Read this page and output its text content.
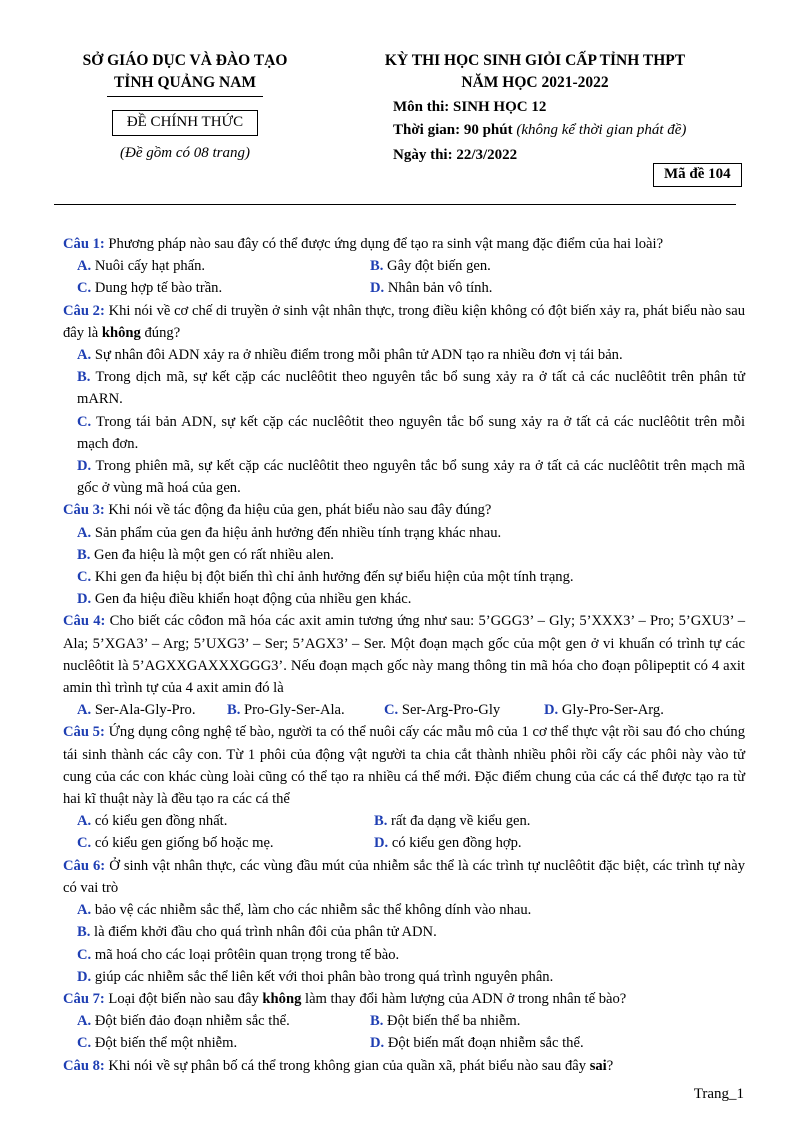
SỞ GIÁO DỤC VÀ ĐÀO TẠO
TỈNH QUẢNG NAM
ĐỀ CHÍNH THỨC
(Đề gồm có 08 trang)
KỲ THI HỌC SINH GIỎI CẤP TỈNH THPT
NĂM HỌC 2021-2022
Môn thi: SINH HỌC 12
Thời gian: 90 phút (không kể thời gian phát đề)
Ngày thi: 22/3/2022
Mã đề 104
Câu 1: Phương pháp nào sau đây có thể được ứng dụng để tạo ra sinh vật mang đặc điểm của hai loài?
A. Nuôi cấy hạt phấn.	B. Gây đột biến gen.
C. Dung hợp tế bào trần.	D. Nhân bản vô tính.
Câu 2: Khi nói về cơ chế di truyền ở sinh vật nhân thực, trong điều kiện không có đột biến xảy ra, phát biểu nào sau đây là không đúng?
A. Sự nhân đôi ADN xảy ra ở nhiều điểm trong mỗi phân tử ADN tạo ra nhiều đơn vị tái bản.
B. Trong dịch mã, sự kết cặp các nuclêôtit theo nguyên tắc bổ sung xảy ra ở tất cả các nuclêôtit trên phân tử mARN.
C. Trong tái bản ADN, sự kết cặp các nuclêôtit theo nguyên tắc bổ sung xảy ra ở tất cả các nuclêôtit trên mỗi mạch đơn.
D. Trong phiên mã, sự kết cặp các nuclêôtit theo nguyên tắc bổ sung xảy ra ở tất cả các nuclêôtit trên mạch mã gốc ở vùng mã hoá của gen.
Câu 3: Khi nói về tác động đa hiệu của gen, phát biểu nào sau đây đúng?
A. Sản phẩm của gen đa hiệu ảnh hưởng đến nhiều tính trạng khác nhau.
B. Gen đa hiệu là một gen có rất nhiều alen.
C. Khi gen đa hiệu bị đột biến thì chỉ ảnh hưởng đến sự biểu hiện của một tính trạng.
D. Gen đa hiệu điều khiển hoạt động của nhiều gen khác.
Câu 4: Cho biết các côđon mã hóa các axit amin tương ứng như sau: 5’GGG3’ – Gly; 5’XXX3’ – Pro; 5’GXU3’ – Ala; 5’XGA3’ – Arg; 5’UXG3’ – Ser; 5’AGX3’ – Ser. Một đoạn mạch gốc của một gen ở vi khuẩn có trình tự các nuclêôtit là 5’AGXXGAXXXGGG3’. Nếu đoạn mạch gốc này mang thông tin mã hóa cho đoạn pôlipeptit có 4 axit amin thì trình tự của 4 axit amin đó là
A. Ser-Ala-Gly-Pro.	B. Pro-Gly-Ser-Ala.	C. Ser-Arg-Pro-Gly	D. Gly-Pro-Ser-Arg.
Câu 5: Ứng dụng công nghệ tế bào, người ta có thể nuôi cấy các mẫu mô của 1 cơ thể thực vật rồi sau đó cho chúng tái sinh thành các cây con. Từ 1 phôi của động vật người ta chia cắt thành nhiều phôi rồi cấy các phôi này vào tử cung của các con khác cùng loài cũng có thể tạo ra nhiều cá thể mới. Đặc điểm chung của các cá thể được tạo ra từ hai kĩ thuật này là đều tạo ra các cá thể
A. có kiểu gen đồng nhất.	B. rất đa dạng về kiểu gen.
C. có kiểu gen giống bố hoặc mẹ.	D. có kiểu gen đồng hợp.
Câu 6: Ở sinh vật nhân thực, các vùng đầu mút của nhiễm sắc thể là các trình tự nuclêôtit đặc biệt, các trình tự này có vai trò
A. bảo vệ các nhiễm sắc thể, làm cho các nhiễm sắc thể không dính vào nhau.
B. là điểm khởi đầu cho quá trình nhân đôi của phân tử ADN.
C. mã hoá cho các loại prôtêin quan trọng trong tế bào.
D. giúp các nhiễm sắc thể liên kết với thoi phân bào trong quá trình nguyên phân.
Câu 7: Loại đột biến nào sau đây không làm thay đổi hàm lượng của ADN ở trong nhân tế bào?
A. Đột biến đảo đoạn nhiễm sắc thể.	B. Đột biến thể ba nhiễm.
C. Đột biến thể một nhiễm.	D. Đột biến mất đoạn nhiễm sắc thể.
Câu 8: Khi nói về sự phân bố cá thể trong không gian của quần xã, phát biểu nào sau đây sai?
Trang_1
